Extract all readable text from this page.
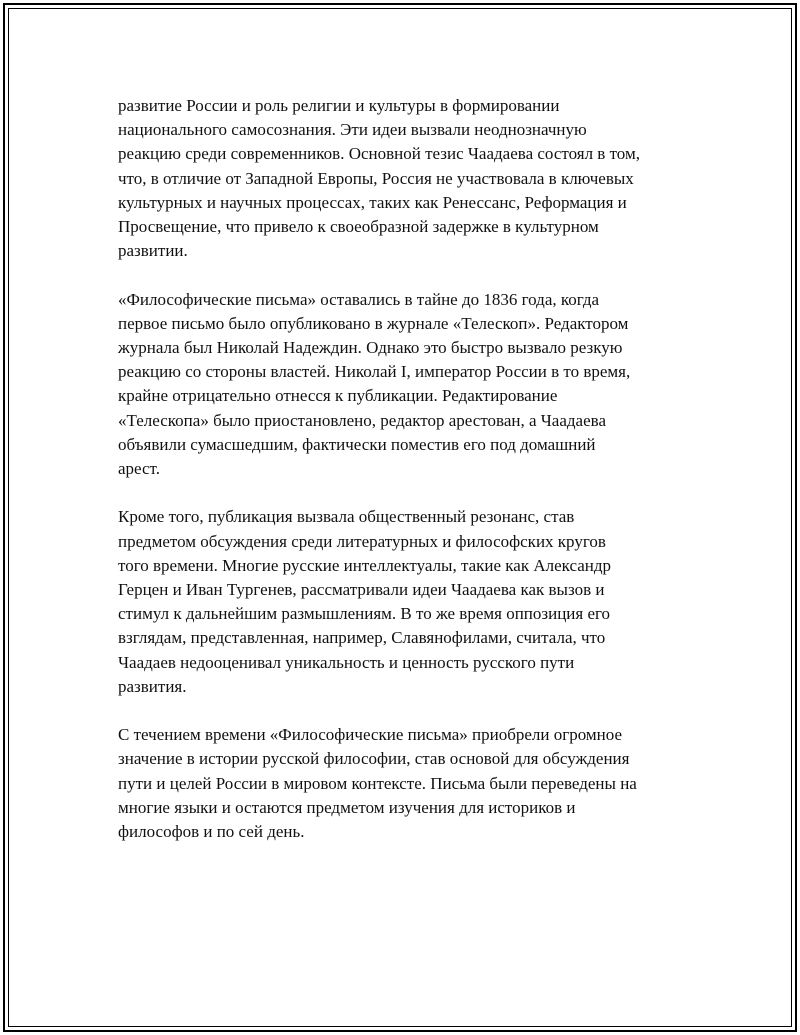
развитие России и роль религии и культуры в формировании
национального самосознания. Эти идеи вызвали неоднозначную
реакцию среди современников. Основной тезис Чаадаева состоял в том,
что, в отличие от Западной Европы, Россия не участвовала в ключевых
культурных и научных процессах, таких как Ренессанс, Реформация и
Просвещение, что привело к своеобразной задержке в культурном
развитии.

«Философические письма» оставались в тайне до 1836 года, когда
первое письмо было опубликовано в журнале «Телескоп». Редактором
журнала был Николай Надеждин. Однако это быстро вызвало резкую
реакцию со стороны властей. Николай I, император России в то время,
крайне отрицательно отнесся к публикации. Редактирование
«Телескопа» было приостановлено, редактор арестован, а Чаадаева
объявили сумасшедшим, фактически поместив его под домашний
арест.

Кроме того, публикация вызвала общественный резонанс, став
предметом обсуждения среди литературных и философских кругов
того времени. Многие русские интеллектуалы, такие как Александр
Герцен и Иван Тургенев, рассматривали идеи Чаадаева как вызов и
стимул к дальнейшим размышлениям. В то же время оппозиция его
взглядам, представленная, например, Славянофилами, считала, что
Чаадаев недооценивал уникальность и ценность русского пути
развития.

С течением времени «Философические письма» приобрели огромное
значение в истории русской философии, став основой для обсуждения
пути и целей России в мировом контексте. Письма были переведены на
многие языки и остаются предметом изучения для историков и
философов и по сей день.
